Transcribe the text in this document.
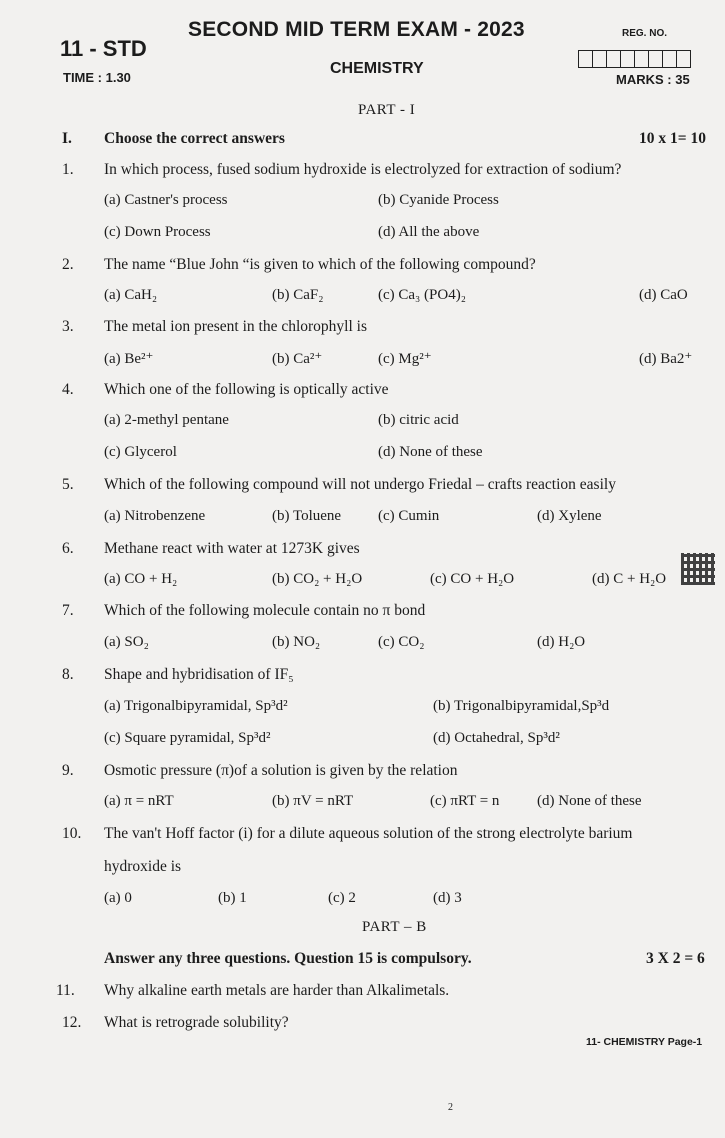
SECOND MID TERM EXAM - 2023
11 - STD
TIME : 1.30
CHEMISTRY
REG. NO.
MARKS : 35
PART - I
I. Choose the correct answers	10 x 1= 10
1. In which process, fused sodium hydroxide is electrolyzed for extraction of sodium?
(a) Castner's process	(b) Cyanide Process
(c) Down Process	(d) All the above
2. The name “Blue John “is given to which of the following compound?
(a) CaH₂	(b) CaF₂	(c) Ca₃ (PO4)₂	(d) CaO
3. The metal ion present in the chlorophyll is
(a) Be²⁺	(b) Ca²⁺	(c) Mg²⁺	(d) Ba2⁺
4. Which one of the following is optically active
(a) 2-methyl pentane	(b) citric acid
(c) Glycerol	(d) None of these
5. Which of the following compound will not undergo Friedal – crafts reaction easily
(a) Nitrobenzene	(b) Toluene (c) Cumin	(d) Xylene
6. Methane react with water at 1273K gives
(a) CO + H₂	(b) CO₂ + H₂O	(c) CO + H₂O	(d) C + H₂O
7. Which of the following molecule contain no π bond
(a) SO₂	(b) NO₂	(c) CO₂	(d) H₂O
8. Shape and hybridisation of IF₅
(a) Trigonalbipyramidal, Sp³d²	(b) Trigonalbipyramidal,Sp³d
(c) Square pyramidal, Sp³d²	(d) Octahedral, Sp³d²
9. Osmotic pressure (π)of a solution is given by the relation
(a) π = nRT	(b) πV = nRT	(c) πRT = n	(d) None of these
10. The van't Hoff factor (i) for a dilute aqueous solution of the strong electrolyte barium
hydroxide is
(a) 0	(b) 1	(c) 2	(d) 3
PART – B
Answer any three questions. Question 15 is compulsory.	3 X 2 = 6
11. Why alkaline earth metals are harder than Alkalimetals.
12. What is retrograde solubility?
11- CHEMISTRY Page-1
2
